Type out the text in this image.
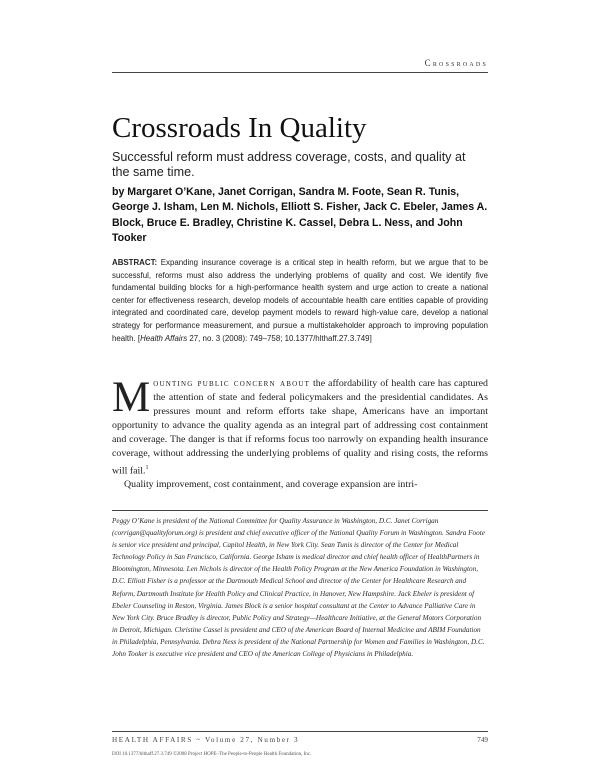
Crossroads
Crossroads In Quality

Successful reform must address coverage, costs, and quality at the same time.

by Margaret O’Kane, Janet Corrigan, Sandra M. Foote, Sean R. Tunis, George J. Isham, Len M. Nichols, Elliott S. Fisher, Jack C. Ebeler, James A. Block, Bruce E. Bradley, Christine K. Cassel, Debra L. Ness, and John Tooker

ABSTRACT: Expanding insurance coverage is a critical step in health reform, but we argue that to be successful, reforms must also address the underlying problems of quality and cost. We identify five fundamental building blocks for a high-performance health system and urge action to create a national center for effectiveness research, develop models of accountable health care entities capable of providing integrated and coordinated care, develop payment models to reward high-value care, develop a national strategy for performance measurement, and pursue a multistakeholder approach to improving population health. [Health Affairs 27, no. 3 (2008): 749–758; 10.1377/hlthaff.27.3.749]

Mounting public concern about the affordability of health care has captured the attention of state and federal policymakers and the presidential candidates. As pressures mount and reform efforts take shape, Americans have an important opportunity to advance the quality agenda as an integral part of addressing cost containment and coverage. The danger is that if reforms focus too narrowly on expanding health insurance coverage, without addressing the underlying problems of quality and rising costs, the reforms will fail.$^1$

Quality improvement, cost containment, and coverage expansion are intri-

Peggy O’Kane is president of the National Committee for Quality Assurance in Washington, D.C. Janet Corrigan (corrigan@qualityforum.org) is president and chief executive officer of the National Quality Forum in Washington. Sandra Foote is senior vice president and principal, Capitol Health, in New York City. Sean Tunis is director of the Center for Medical Technology Policy in San Francisco, California. George Isham is medical director and chief health officer of HealthPartners in Bloomington, Minnesota. Len Nichols is director of the Health Policy Program at the New America Foundation in Washington, D.C. Elliott Fisher is a professor at the Dartmouth Medical School and director of the Center for Healthcare Research and Reform, Dartmouth Institute for Health Policy and Clinical Practice, in Hanover, New Hampshire. Jack Ebeler is president of Ebeler Counseling in Reston, Virginia. James Block is a senior hospital consultant at the Center to Advance Palliative Care in New York City. Bruce Bradley is director, Public Policy and Strategy—Healthcare Initiative, at the General Motors Corporation in Detroit, Michigan. Christine Cassel is president and CEO of the American Board of Internal Medicine and ABIM Foundation in Philadelphia, Pennsylvania. Debra Ness is president of the National Partnership for Women and Families in Washington, D.C. John Tooker is executive vice president and CEO of the American College of Physicians in Philadelphia.

HEALTH AFFAIRS ~ Volume 27, Number 3	749
DOI 10.1377/hlthaff.27.3.749 ©2008 Project HOPE–The People-to-People Health Foundation, Inc.
